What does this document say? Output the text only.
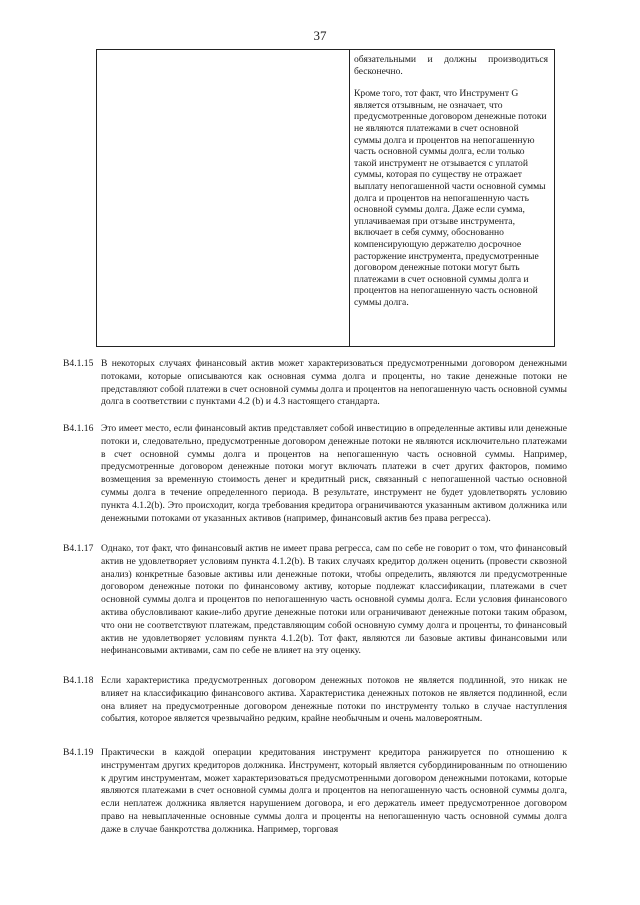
37

обязательными и должны производиться бесконечно.

Кроме того, тот факт, что Инструмент G является отзывным, не означает, что предусмотренные договором денежные потоки не являются платежами в счет основной суммы долга и процентов на непогашенную часть основной суммы долга, если только такой инструмент не отзывается с уплатой суммы, которая по существу не отражает выплату непогашенной части основной суммы долга и процентов на непогашенную часть основной суммы долга. Даже если сумма, уплачиваемая при отзыве инструмента, включает в себя сумму, обоснованно компенсирующую держателю досрочное расторжение инструмента, предусмотренные договором денежные потоки могут быть платежами в счет основной суммы долга и процентов на непогашенную часть основной суммы долга.

B4.1.15 В некоторых случаях финансовый актив может характеризоваться предусмотренными договором денежными потоками, которые описываются как основная сумма долга и проценты, но такие денежные потоки не представляют собой платежи в счет основной суммы долга и процентов на непогашенную часть основной суммы долга в соответствии с пунктами 4.2 (b) и 4.3 настоящего стандарта.
B4.1.16 Это имеет место, если финансовый актив представляет собой инвестицию в определенные активы или денежные потоки и, следовательно, предусмотренные договором денежные потоки не являются исключительно платежами в счет основной суммы долга и процентов на непогашенную часть основной суммы. Например, предусмотренные договором денежные потоки могут включать платежи в счет других факторов, помимо возмещения за временную стоимость денег и кредитный риск, связанный с непогашенной частью основной суммы долга в течение определенного периода. В результате, инструмент не будет удовлетворять условию пункта 4.1.2(b). Это происходит, когда требования кредитора ограничиваются указанным активом должника или денежными потоками от указанных активов (например, финансовый актив без права регресса).
B4.1.17 Однако, тот факт, что финансовый актив не имеет права регресса, сам по себе не говорит о том, что финансовый актив не удовлетворяет условиям пункта 4.1.2(b). В таких случаях кредитор должен оценить (провести сквозной анализ) конкретные базовые активы или денежные потоки, чтобы определить, являются ли предусмотренные договором денежные потоки по финансовому активу, которые подлежат классификации, платежами в счет основной суммы долга и процентов по непогашенную часть основной суммы долга. Если условия финансового актива обусловливают какие-либо другие денежные потоки или ограничивают денежные потоки таким образом, что они не соответствуют платежам, представляющим собой основную сумму долга и проценты, то финансовый актив не удовлетворяет условиям пункта 4.1.2(b). Тот факт, являются ли базовые активы финансовыми или нефинансовыми активами, сам по себе не влияет на эту оценку.
B4.1.18 Если характеристика предусмотренных договором денежных потоков не является подлинной, это никак не влияет на классификацию финансового актива. Характеристика денежных потоков не является подлинной, если она влияет на предусмотренные договором денежные потоки по инструменту только в случае наступления события, которое является чрезвычайно редким, крайне необычным и очень маловероятным.
B4.1.19 Практически в каждой операции кредитования инструмент кредитора ранжируется по отношению к инструментам других кредиторов должника. Инструмент, который является субординированным по отношению к другим инструментам, может характеризоваться предусмотренными договором денежными потоками, которые являются платежами в счет основной суммы долга и процентов на непогашенную часть основной суммы долга, если неплатеж должника является нарушением договора, и его держатель имеет предусмотренное договором право на невыплаченные основные суммы долга и проценты на непогашенную часть основной суммы долга даже в случае банкротства должника. Например, торговая
